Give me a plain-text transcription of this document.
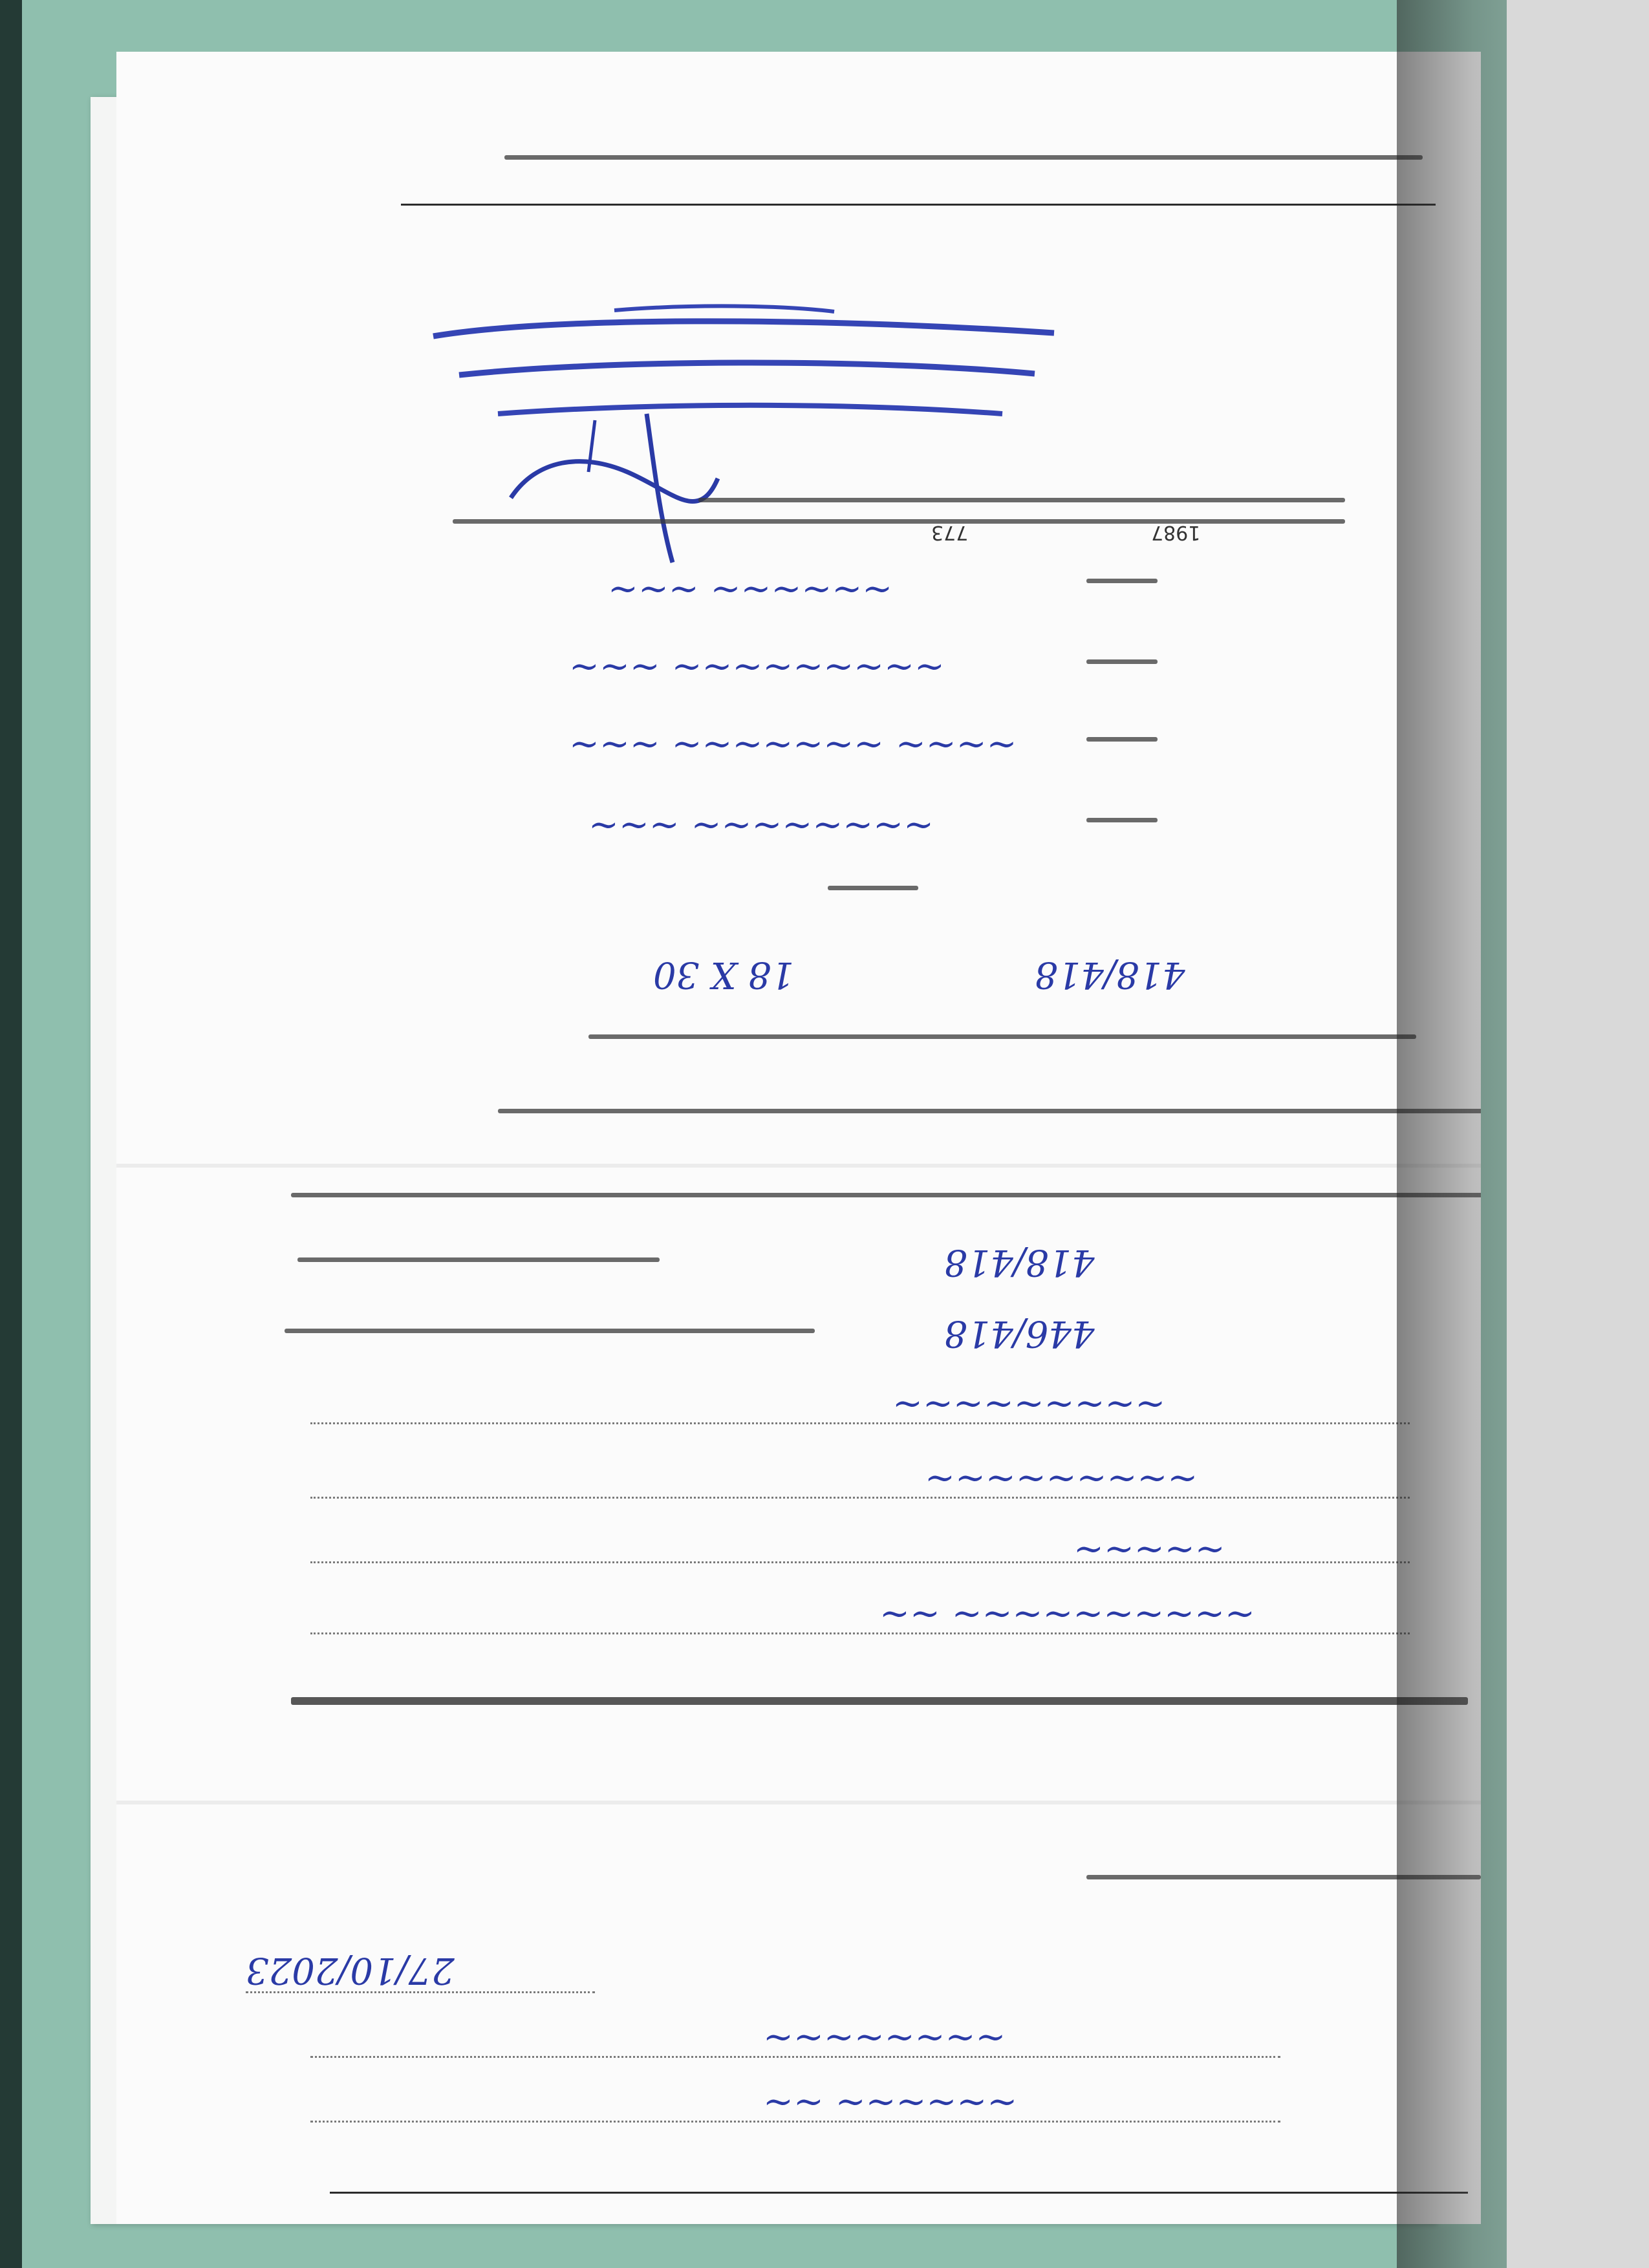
773	1987
~~~~~~ ~~~
~~~~~~~~~ ~~~
~~~~ ~~~~~~~ ~~~
~~~~~~~~ ~~~
418/418
18 X 30
418/418
446/418
~~~~~~~~~
~~~~~~~~~
~~~~~
~~~~~~~~~~ ~~
27/10/2023
~~~~~~~~
~~~~~~ ~~
